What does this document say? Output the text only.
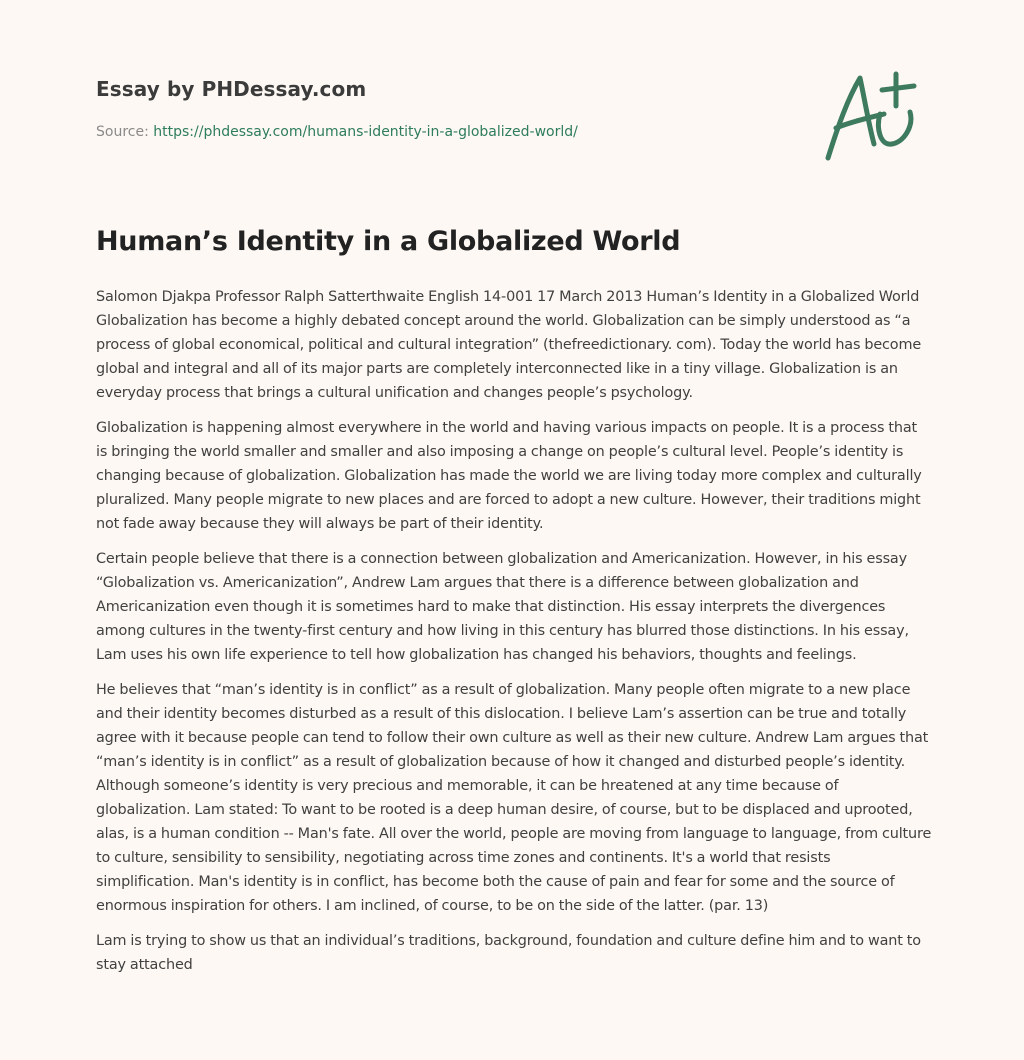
Essay by PHDessay.com
Source: https://phdessay.com/humans-identity-in-a-globalized-world/
Human’s Identity in a Globalized World

Salomon Djakpa Professor Ralph Satterthwaite English 14-001 17 March 2013 Human’s Identity in a Globalized World Globalization has become a highly debated concept around the world. Globalization can be simply understood as “a process of global economical, political and cultural integration” (thefreedictionary. com). Today the world has become global and integral and all of its major parts are completely interconnected like in a tiny village. Globalization is an everyday process that brings a cultural unification and changes people’s psychology.

Globalization is happening almost everywhere in the world and having various impacts on people. It is a process that is bringing the world smaller and smaller and also imposing a change on people’s cultural level. People’s identity is changing because of globalization. Globalization has made the world we are living today more complex and culturally pluralized. Many people migrate to new places and are forced to adopt a new culture. However, their traditions might not fade away because they will always be part of their identity.

Certain people believe that there is a connection between globalization and Americanization. However, in his essay “Globalization vs. Americanization”, Andrew Lam argues that there is a difference between globalization and Americanization even though it is sometimes hard to make that distinction. His essay interprets the divergences among cultures in the twenty-first century and how living in this century has blurred those distinctions. In his essay, Lam uses his own life experience to tell how globalization has changed his behaviors, thoughts and feelings.

He believes that “man’s identity is in conflict” as a result of globalization. Many people often migrate to a new place and their identity becomes disturbed as a result of this dislocation. I believe Lam’s assertion can be true and totally agree with it because people can tend to follow their own culture as well as their new culture. Andrew Lam argues that “man’s identity is in conflict” as a result of globalization because of how it changed and disturbed people’s identity. Although someone’s identity is very precious and memorable, it can be hreatened at any time because of globalization. Lam stated: To want to be rooted is a deep human desire, of course, but to be displaced and uprooted, alas, is a human condition -- Man's fate. All over the world, people are moving from language to language, from culture to culture, sensibility to sensibility, negotiating across time zones and continents. It's a world that resists simplification. Man's identity is in conflict, has become both the cause of pain and fear for some and the source of enormous inspiration for others. I am inclined, of course, to be on the side of the latter. (par. 13)

Lam is trying to show us that an individual’s traditions, background, foundation and culture define him and to want to stay attached
